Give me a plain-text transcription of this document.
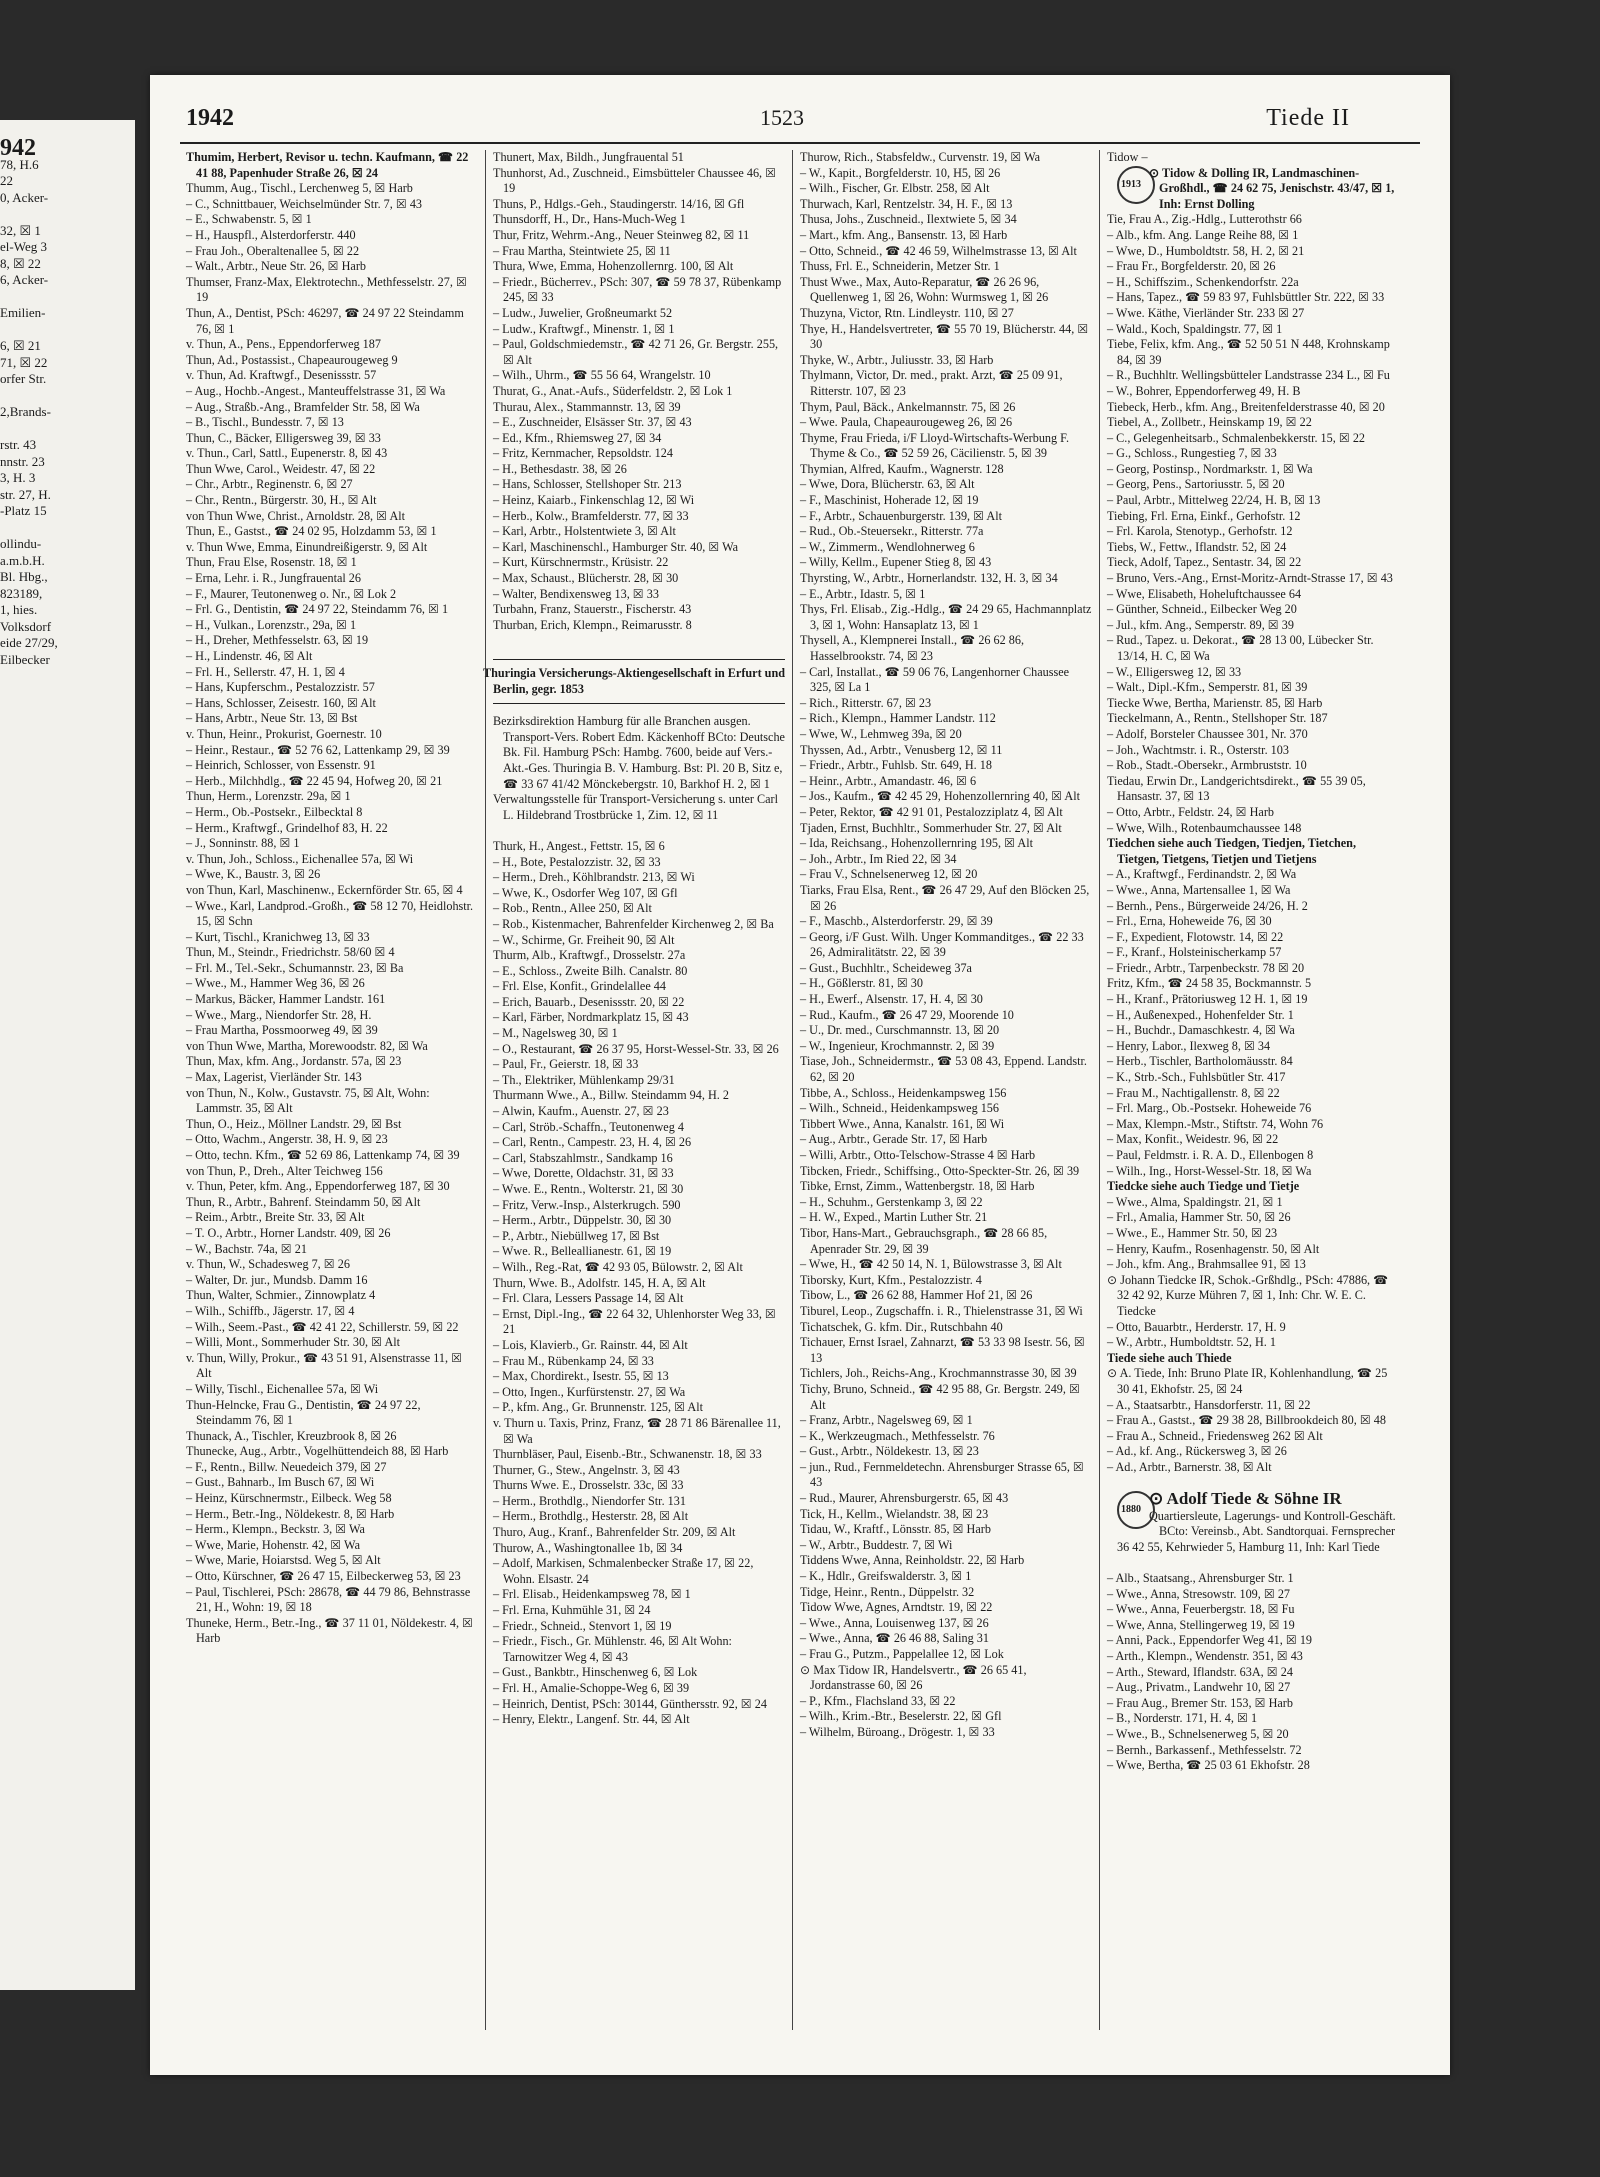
942
78, H.6
22
0, Acker-

32, ☒ 1
el-Weg 3
8, ☒ 22
6, Acker-

Emilien-

6, ☒ 21
71, ☒ 22
orfer Str.

2,Brands-

rstr. 43
nnstr. 23
3, H. 3
str. 27, H.
-Platz 15

ollindu-
a.m.b.H.
Bl. Hbg.,
823189,
1, hies.
Volksdorf
eide 27/29,
Eilbecker
1942	1523	Tiede II
Thumim, Herbert, Revisor u. techn. Kaufmann, ☎ 22 41 88, Papenhuder Straße 26, ☒ 24
Thumm, Aug., Tischl., Lerchenweg 5, ☒ Harb
– C., Schnittbauer, Weichselmünder Str. 7, ☒ 43
– E., Schwabenstr. 5, ☒ 1
– H., Hauspfl., Alsterdorferstr. 440
– Frau Joh., Oberaltenallee 5, ☒ 22
– Walt., Arbtr., Neue Str. 26, ☒ Harb
Thumser, Franz-Max, Elektrotechn., Methfesselstr. 27, ☒ 19
Thun, A., Dentist, PSch: 46297, ☎ 24 97 22 Steindamm 76, ☒ 1
v. Thun, A., Pens., Eppendorferweg 187
Thun, Ad., Postassist., Chapeaurougeweg 9
v. Thun, Ad. Kraftwgf., Desenissstr. 57
– Aug., Hochb.-Angest., Manteuffelstrasse 31, ☒ Wa
– Aug., Straßb.-Ang., Bramfelder Str. 58, ☒ Wa
– B., Tischl., Bundesstr. 7, ☒ 13
Thun, C., Bäcker, Elligersweg 39, ☒ 33
v. Thun., Carl, Sattl., Eupenerstr. 8, ☒ 43
Thun Wwe, Carol., Weidestr. 47, ☒ 22
– Chr., Arbtr., Reginenstr. 6, ☒ 27
– Chr., Rentn., Bürgerstr. 30, H., ☒ Alt
von Thun Wwe, Christ., Arnoldstr. 28, ☒ Alt
Thun, E., Gastst., ☎ 24 02 95, Holzdamm 53, ☒ 1
v. Thun Wwe, Emma, Einundreißigerstr. 9, ☒ Alt
Thun, Frau Else, Rosenstr. 18, ☒ 1
– Erna, Lehr. i. R., Jungfrauental 26
– F., Maurer, Teutonenweg o. Nr., ☒ Lok 2
– Frl. G., Dentistin, ☎ 24 97 22, Steindamm 76, ☒ 1
– H., Vulkan., Lorenzstr., 29a, ☒ 1
– H., Dreher, Methfesselstr. 63, ☒ 19
– H., Lindenstr. 46, ☒ Alt
– Frl. H., Sellerstr. 47, H. 1, ☒ 4
– Hans, Kupferschm., Pestalozzistr. 57
– Hans, Schlosser, Zeisestr. 160, ☒ Alt
– Hans, Arbtr., Neue Str. 13, ☒ Bst
v. Thun, Heinr., Prokurist, Goernestr. 10
– Heinr., Restaur., ☎ 52 76 62, Lattenkamp 29, ☒ 39
– Heinrich, Schlosser, von Essenstr. 91
– Herb., Milchhdlg., ☎ 22 45 94, Hofweg 20, ☒ 21
Thun, Herm., Lorenzstr. 29a, ☒ 1
– Herm., Ob.-Postsekr., Eilbecktal 8
– Herm., Kraftwgf., Grindelhof 83, H. 22
– J., Sonninstr. 88, ☒ 1
v. Thun, Joh., Schloss., Eichenallee 57a, ☒ Wi
– Wwe, K., Baustr. 3, ☒ 26
von Thun, Karl, Maschinenw., Eckernförder Str. 65, ☒ 4
– Wwe., Karl, Landprod.-Großh., ☎ 58 12 70, Heidlohstr. 15, ☒ Schn
– Kurt, Tischl., Kranichweg 13, ☒ 33
Thun, M., Steindr., Friedrichstr. 58/60 ☒ 4
– Frl. M., Tel.-Sekr., Schumannstr. 23, ☒ Ba
– Wwe., M., Hammer Weg 36, ☒ 26
– Markus, Bäcker, Hammer Landstr. 161
– Wwe., Marg., Niendorfer Str. 28, H.
– Frau Martha, Possmoorweg 49, ☒ 39
von Thun Wwe, Martha, Morewoodstr. 82, ☒ Wa
Thun, Max, kfm. Ang., Jordanstr. 57a, ☒ 23
– Max, Lagerist, Vierländer Str. 143
von Thun, N., Kolw., Gustavstr. 75, ☒ Alt, Wohn: Lammstr. 35, ☒ Alt
Thun, O., Heiz., Möllner Landstr. 29, ☒ Bst
– Otto, Wachm., Angerstr. 38, H. 9, ☒ 23
– Otto, techn. Kfm., ☎ 52 69 86, Lattenkamp 74, ☒ 39
von Thun, P., Dreh., Alter Teichweg 156
v. Thun, Peter, kfm. Ang., Eppendorferweg 187, ☒ 30
Thun, R., Arbtr., Bahrenf. Steindamm 50, ☒ Alt
– Reim., Arbtr., Breite Str. 33, ☒ Alt
– T. O., Arbtr., Horner Landstr. 409, ☒ 26
– W., Bachstr. 74a, ☒ 21
v. Thun, W., Schadesweg 7, ☒ 26
– Walter, Dr. jur., Mundsb. Damm 16
Thun, Walter, Schmier., Zinnowplatz 4
– Wilh., Schiffb., Jägerstr. 17, ☒ 4
– Wilh., Seem.-Past., ☎ 42 41 22, Schillerstr. 59, ☒ 22
– Willi, Mont., Sommerhuder Str. 30, ☒ Alt
v. Thun, Willy, Prokur., ☎ 43 51 91, Alsenstrasse 11, ☒ Alt
– Willy, Tischl., Eichenallee 57a, ☒ Wi
Thun-Helncke, Frau G., Dentistin, ☎ 24 97 22, Steindamm 76, ☒ 1
Thunack, A., Tischler, Kreuzbrook 8, ☒ 26
Thunecke, Aug., Arbtr., Vogelhüttendeich 88, ☒ Harb
– F., Rentn., Billw. Neuedeich 379, ☒ 27
– Gust., Bahnarb., Im Busch 67, ☒ Wi
– Heinz, Kürschnermstr., Eilbeck. Weg 58
– Herm., Betr.-Ing., Nöldekestr. 8, ☒ Harb
– Herm., Klempn., Beckstr. 3, ☒ Wa
– Wwe, Marie, Hohenstr. 42, ☒ Wa
– Wwe, Marie, Hoiarstsd. Weg 5, ☒ Alt
– Otto, Kürschner, ☎ 26 47 15, Eilbeckerweg 53, ☒ 23
– Paul, Tischlerei, PSch: 28678, ☎ 44 79 86, Behnstrasse 21, H., Wohn: 19, ☒ 18
Thuneke, Herm., Betr.-Ing., ☎ 37 11 01, Nöldekestr. 4, ☒ Harb
Thunert, Max, Bildh., Jungfrauental 51
Thunhorst, Ad., Zuschneid., Eimsbütteler Chaussee 46, ☒ 19
Thuns, P., Hdlgs.-Geh., Staudingerstr. 14/16, ☒ Gfl
Thunsdorff, H., Dr., Hans-Much-Weg 1
Thur, Fritz, Wehrm.-Ang., Neuer Steinweg 82, ☒ 11
– Frau Martha, Steintwiete 25, ☒ 11
Thura, Wwe, Emma, Hohenzollernrg. 100, ☒ Alt
– Friedr., Bücherrev., PSch: 307, ☎ 59 78 37, Rübenkamp 245, ☒ 33
– Ludw., Juwelier, Großneumarkt 52
– Ludw., Kraftwgf., Minenstr. 1, ☒ 1
– Paul, Goldschmiedemstr., ☎ 42 71 26, Gr. Bergstr. 255, ☒ Alt
– Wilh., Uhrm., ☎ 55 56 64, Wrangelstr. 10
Thurat, G., Anat.-Aufs., Süderfeldstr. 2, ☒ Lok 1
Thurau, Alex., Stammannstr. 13, ☒ 39
– E., Zuschneider, Elsässer Str. 37, ☒ 43
– Ed., Kfm., Rhiemsweg 27, ☒ 34
– Fritz, Kernmacher, Repsoldstr. 124
– H., Bethesdastr. 38, ☒ 26
– Hans, Schlosser, Stellshoper Str. 213
– Heinz, Kaiarb., Finkenschlag 12, ☒ Wi
– Herb., Kolw., Bramfelderstr. 77, ☒ 33
– Karl, Arbtr., Holstentwiete 3, ☒ Alt
– Karl, Maschinenschl., Hamburger Str. 40, ☒ Wa
– Kurt, Kürschnermstr., Krüsistr. 22
– Max, Schaust., Blücherstr. 28, ☒ 30
– Walter, Bendixensweg 13, ☒ 33
Turbahn, Franz, Stauerstr., Fischerstr. 43
Thurban, Erich, Klempn., Reimarusstr. 8

Thuringia Versicherungs-Aktiengesellschaft in Erfurt und Berlin, gegr. 1853
Bezirksdirektion Hamburg für alle Branchen ausgen. Transport-Vers. Robert Edm. Käckenhoff BCto: Deutsche Bk. Fil. Hamburg PSch: Hambg. 7600, beide auf Vers.-Akt.-Ges. Thuringia B. V. Hamburg. Bst: Pl. 20 B, Sitz e, ☎ 33 67 41/42 Mönckebergstr. 10, Barkhof H. 2, ☒ 1
Verwaltungsstelle für Transport-Versicherung s. unter Carl L. Hildebrand Trostbrücke 1, Zim. 12, ☒ 11

Thurk, H., Angest., Fettstr. 15, ☒ 6
– H., Bote, Pestalozzistr. 32, ☒ 33
– Herm., Dreh., Köhlbrandstr. 213, ☒ Wi
– Wwe, K., Osdorfer Weg 107, ☒ Gfl
– Rob., Rentn., Allee 250, ☒ Alt
– Rob., Kistenmacher, Bahrenfelder Kirchenweg 2, ☒ Ba
– W., Schirme, Gr. Freiheit 90, ☒ Alt
Thurm, Alb., Kraftwgf., Drosselstr. 27a
– E., Schloss., Zweite Bilh. Canalstr. 80
– Frl. Else, Konfit., Grindelallee 44
– Erich, Bauarb., Desenissstr. 20, ☒ 22
– Karl, Färber, Nordmarkplatz 15, ☒ 43
– M., Nagelsweg 30, ☒ 1
– O., Restaurant, ☎ 26 37 95, Horst-Wessel-Str. 33, ☒ 26
– Paul, Fr., Geierstr. 18, ☒ 33
– Th., Elektriker, Mühlenkamp 29/31
Thurmann Wwe., A., Billw. Steindamm 94, H. 2
– Alwin, Kaufm., Auenstr. 27, ☒ 23
– Carl, Ströb.-Schaffn., Teutonenweg 4
– Carl, Rentn., Campestr. 23, H. 4, ☒ 26
– Carl, Stabszahlmstr., Sandkamp 16
– Wwe, Dorette, Oldachstr. 31, ☒ 33
– Wwe. E., Rentn., Wolterstr. 21, ☒ 30
– Fritz, Verw.-Insp., Alsterkrugch. 590
– Herm., Arbtr., Düppelstr. 30, ☒ 30
– P., Arbtr., Niebüllweg 17, ☒ Bst
– Wwe. R., Belleallianestr. 61, ☒ 19
– Wilh., Reg.-Rat, ☎ 42 93 05, Bülowstr. 2, ☒ Alt
Thurn, Wwe. B., Adolfstr. 145, H. A, ☒ Alt
– Frl. Clara, Lessers Passage 14, ☒ Alt
– Ernst, Dipl.-Ing., ☎ 22 64 32, Uhlenhorster Weg 33, ☒ 21
– Lois, Klavierb., Gr. Rainstr. 44, ☒ Alt
– Frau M., Rübenkamp 24, ☒ 33
– Max, Chordirekt., Isestr. 55, ☒ 13
– Otto, Ingen., Kurfürstenstr. 27, ☒ Wa
– P., kfm. Ang., Gr. Brunnenstr. 125, ☒ Alt
v. Thurn u. Taxis, Prinz, Franz, ☎ 28 71 86 Bärenallee 11, ☒ Wa
Thurnbläser, Paul, Eisenb.-Btr., Schwanenstr. 18, ☒ 33
Thurner, G., Stew., Angelnstr. 3, ☒ 43
Thurns Wwe. E., Drosselstr. 33c, ☒ 33
– Herm., Brothdlg., Niendorfer Str. 131
– Herm., Brothdlg., Hesterstr. 28, ☒ Alt
Thuro, Aug., Kranf., Bahrenfelder Str. 209, ☒ Alt
Thurow, A., Washingtonallee 1b, ☒ 34
– Adolf, Markisen, Schmalenbecker Straße 17, ☒ 22, Wohn. Elsastr. 24
– Frl. Elisab., Heidenkampsweg 78, ☒ 1
– Frl. Erna, Kuhmühle 31, ☒ 24
– Friedr., Schneid., Stenvort 1, ☒ 19
– Friedr., Fisch., Gr. Mühlenstr. 46, ☒ Alt Wohn: Tarnowitzer Weg 4, ☒ 43
– Gust., Bankbtr., Hinschenweg 6, ☒ Lok
– Frl. H., Amalie-Schoppe-Weg 6, ☒ 39
– Heinrich, Dentist, PSch: 30144, Günthersstr. 92, ☒ 24
– Henry, Elektr., Langenf. Str. 44, ☒ Alt
Thurow, Rich., Stabsfeldw., Curvenstr. 19, ☒ Wa
– W., Kapit., Borgfelderstr. 10, H5, ☒ 26
– Wilh., Fischer, Gr. Elbstr. 258, ☒ Alt
Thurwach, Karl, Rentzelstr. 34, H. F., ☒ 13
Thusa, Johs., Zuschneid., Ilextwiete 5, ☒ 34
– Mart., kfm. Ang., Bansenstr. 13, ☒ Harb
– Otto, Schneid., ☎ 42 46 59, Wilhelmstrasse 13, ☒ Alt
Thuss, Frl. E., Schneiderin, Metzer Str. 1
Thust Wwe., Max, Auto-Reparatur, ☎ 26 26 96, Quellenweg 1, ☒ 26, Wohn: Wurmsweg 1, ☒ 26
Thuzyna, Victor, Rtn. Lindleystr. 110, ☒ 27
Thye, H., Handelsvertreter, ☎ 55 70 19, Blücherstr. 44, ☒ 30
Thyke, W., Arbtr., Juliusstr. 33, ☒ Harb
Thylmann, Victor, Dr. med., prakt. Arzt, ☎ 25 09 91, Ritterstr. 107, ☒ 23
Thym, Paul, Bäck., Ankelmannstr. 75, ☒ 26
– Wwe. Paula, Chapeaurougeweg 26, ☒ 26
Thyme, Frau Frieda, i/F Lloyd-Wirtschafts-Werbung F. Thyme & Co., ☎ 52 59 26, Cäcilienstr. 5, ☒ 39
Thymian, Alfred, Kaufm., Wagnerstr. 128
– Wwe, Dora, Blücherstr. 63, ☒ Alt
– F., Maschinist, Hoherade 12, ☒ 19
– F., Arbtr., Schauenburgerstr. 139, ☒ Alt
– Rud., Ob.-Steuersekr., Ritterstr. 77a
– W., Zimmerm., Wendlohnerweg 6
– Willy, Kellm., Eupener Stieg 8, ☒ 43
Thyrsting, W., Arbtr., Hornerlandstr. 132, H. 3, ☒ 34
– E., Arbtr., Idastr. 5, ☒ 1
Thys, Frl. Elisab., Zig.-Hdlg., ☎ 24 29 65, Hachmannplatz 3, ☒ 1, Wohn: Hansaplatz 13, ☒ 1
Thysell, A., Klempnerei Install., ☎ 26 62 86, Hasselbrookstr. 74, ☒ 23
– Carl, Installat., ☎ 59 06 76, Langenhorner Chaussee 325, ☒ La 1
– Rich., Ritterstr. 67, ☒ 23
– Rich., Klempn., Hammer Landstr. 112
– Wwe, W., Lehmweg 39a, ☒ 20
Thyssen, Ad., Arbtr., Venusberg 12, ☒ 11
– Friedr., Arbtr., Fuhlsb. Str. 649, H. 18
– Heinr., Arbtr., Amandastr. 46, ☒ 6
– Jos., Kaufm., ☎ 42 45 29, Hohenzollernring 40, ☒ Alt
– Peter, Rektor, ☎ 42 91 01, Pestalozziplatz 4, ☒ Alt
Tjaden, Ernst, Buchhltr., Sommerhuder Str. 27, ☒ Alt
– Ida, Reichsang., Hohenzollernring 195, ☒ Alt
– Joh., Arbtr., Im Ried 22, ☒ 34
– Frau V., Schnelsenerweg 12, ☒ 20
Tiarks, Frau Elsa, Rent., ☎ 26 47 29, Auf den Blöcken 25, ☒ 26
– F., Maschb., Alsterdorferstr. 29, ☒ 39
– Georg, i/F Gust. Wilh. Unger Kommanditges., ☎ 22 33 26, Admiralitätstr. 22, ☒ 39
– Gust., Buchhltr., Scheideweg 37a
– H., Gößlerstr. 81, ☒ 30
– H., Ewerf., Alsenstr. 17, H. 4, ☒ 30
– Rud., Kaufm., ☎ 26 47 29, Moorende 10
– U., Dr. med., Curschmannstr. 13, ☒ 20
– W., Ingenieur, Krochmannstr. 2, ☒ 39
Tiase, Joh., Schneidermstr., ☎ 53 08 43, Eppend. Landstr. 62, ☒ 20
Tibbe, A., Schloss., Heidenkampsweg 156
– Wilh., Schneid., Heidenkampsweg 156
Tibbert Wwe., Anna, Kanalstr. 161, ☒ Wi
– Aug., Arbtr., Gerade Str. 17, ☒ Harb
– Willi, Arbtr., Otto-Telschow-Strasse 4 ☒ Harb
Tibcken, Friedr., Schiffsing., Otto-Speckter-Str. 26, ☒ 39
Tibke, Ernst, Zimm., Wattenbergstr. 18, ☒ Harb
– H., Schuhm., Gerstenkamp 3, ☒ 22
– H. W., Exped., Martin Luther Str. 21
Tibor, Hans-Mart., Gebrauchsgraph., ☎ 28 66 85, Apenrader Str. 29, ☒ 39
– Wwe, H., ☎ 42 50 14, N. 1, Bülowstrasse 3, ☒ Alt
Tiborsky, Kurt, Kfm., Pestalozzistr. 4
Tibow, L., ☎ 26 62 88, Hammer Hof 21, ☒ 26
Tiburel, Leop., Zugschaffn. i. R., Thielenstrasse 31, ☒ Wi
Tichatschek, G. kfm. Dir., Rutschbahn 40
Tichauer, Ernst Israel, Zahnarzt, ☎ 53 33 98 Isestr. 56, ☒ 13
Tichlers, Joh., Reichs-Ang., Krochmannstrasse 30, ☒ 39
Tichy, Bruno, Schneid., ☎ 42 95 88, Gr. Bergstr. 249, ☒ Alt
– Franz, Arbtr., Nagelsweg 69, ☒ 1
– K., Werkzeugmach., Methfesselstr. 76
– Gust., Arbtr., Nöldekestr. 13, ☒ 23
– jun., Rud., Fernmeldetechn. Ahrensburger Strasse 65, ☒ 43
– Rud., Maurer, Ahrensburgerstr. 65, ☒ 43
Tick, H., Kellm., Wielandstr. 38, ☒ 23
Tidau, W., Kraftf., Lönsstr. 85, ☒ Harb
– W., Arbtr., Buddestr. 7, ☒ Wi
Tiddens Wwe, Anna, Reinholdstr. 22, ☒ Harb
– K., Hdlr., Greifswalderstr. 3, ☒ 1
Tidge, Heinr., Rentn., Düppelstr. 32
Tidow Wwe, Agnes, Arndtstr. 19, ☒ 22
– Wwe., Anna, Louisenweg 137, ☒ 26
– Wwe., Anna, ☎ 26 46 88, Saling 31
– Frau G., Putzm., Pappelallee 12, ☒ Lok
⊙ Max Tidow IR, Handelsvertr., ☎ 26 65 41, Jordanstrasse 60, ☒ 26
– P., Kfm., Flachsland 33, ☒ 22
– Wilh., Krim.-Btr., Beselerstr. 22, ☒ Gfl
– Wilhelm, Büroang., Drögestr. 1, ☒ 33
Tidow –
1913
⊙ Tidow & Dolling IR, Landmaschinen-Großhdl., ☎ 24 62 75, Jenischstr. 43/47, ☒ 1, Inh: Ernst Dolling
Tie, Frau A., Zig.-Hdlg., Lutterothstr 66
– Alb., kfm. Ang. Lange Reihe 88, ☒ 1
– Wwe, D., Humboldtstr. 58, H. 2, ☒ 21
– Frau Fr., Borgfelderstr. 20, ☒ 26
– H., Schiffszim., Schenkendorfstr. 22a
– Hans, Tapez., ☎ 59 83 97, Fuhlsbüttler Str. 222, ☒ 33
– Wwe. Käthe, Vierländer Str. 233 ☒ 27
– Wald., Koch, Spaldingstr. 77, ☒ 1
Tiebe, Felix, kfm. Ang., ☎ 52 50 51 N 448, Krohnskamp 84, ☒ 39
– R., Buchhltr. Wellingsbütteler Landstrasse 234 L., ☒ Fu
– W., Bohrer, Eppendorferweg 49, H. B
Tiebeck, Herb., kfm. Ang., Breitenfelderstrasse 40, ☒ 20
Tiebel, A., Zollbetr., Heinskamp 19, ☒ 22
– C., Gelegenheitsarb., Schmalenbekkerstr. 15, ☒ 22
– G., Schloss., Rungestieg 7, ☒ 33
– Georg, Postinsp., Nordmarkstr. 1, ☒ Wa
– Georg, Pens., Sartoriusstr. 5, ☒ 20
– Paul, Arbtr., Mittelweg 22/24, H. B, ☒ 13
Tiebing, Frl. Erna, Einkf., Gerhofstr. 12
– Frl. Karola, Stenotyp., Gerhofstr. 12
Tiebs, W., Fettw., Iflandstr. 52, ☒ 24
Tieck, Adolf, Tapez., Sentastr. 34, ☒ 22
– Bruno, Vers.-Ang., Ernst-Moritz-Arndt-Strasse 17, ☒ 43
– Wwe, Elisabeth, Hoheluftchaussee 64
– Günther, Schneid., Eilbecker Weg 20
– Jul., kfm. Ang., Semperstr. 89, ☒ 39
– Rud., Tapez. u. Dekorat., ☎ 28 13 00, Lübecker Str. 13/14, H. C, ☒ Wa
– W., Elligersweg 12, ☒ 33
– Walt., Dipl.-Kfm., Semperstr. 81, ☒ 39
Tiecke Wwe, Bertha, Marienstr. 85, ☒ Harb
Tieckelmann, A., Rentn., Stellshoper Str. 187
– Adolf, Borsteler Chaussee 301, Nr. 370
– Joh., Wachtmstr. i. R., Osterstr. 103
– Rob., Stadt.-Obersekr., Armbruststr. 10
Tiedau, Erwin Dr., Landgerichtsdirekt., ☎ 55 39 05, Hansastr. 37, ☒ 13
– Otto, Arbtr., Feldstr. 24, ☒ Harb
– Wwe, Wilh., Rotenbaumchaussee 148
Tiedchen siehe auch Tiedgen, Tiedjen, Tietchen, Tietgen, Tietgens, Tietjen und Tietjens
– A., Kraftwgf., Ferdinandstr. 2, ☒ Wa
– Wwe., Anna, Martensallee 1, ☒ Wa
– Bernh., Pens., Bürgerweide 24/26, H. 2
– Frl., Erna, Hoheweide 76, ☒ 30
– F., Expedient, Flotowstr. 14, ☒ 22
– F., Kranf., Holsteinischerkamp 57
– Friedr., Arbtr., Tarpenbeckstr. 78 ☒ 20
Fritz, Kfm., ☎ 24 58 35, Bockmannstr. 5
– H., Kranf., Prätoriusweg 12 H. 1, ☒ 19
– H., Außenexped., Hohenfelder Str. 1
– H., Buchdr., Damaschkestr. 4, ☒ Wa
– Henry, Labor., Ilexweg 8, ☒ 34
– Herb., Tischler, Bartholomäusstr. 84
– K., Strb.-Sch., Fuhlsbütler Str. 417
– Frau M., Nachtigallenstr. 8, ☒ 22
– Frl. Marg., Ob.-Postsekr. Hoheweide 76
– Max, Klempn.-Mstr., Stiftstr. 74, Wohn 76
– Max, Konfit., Weidestr. 96, ☒ 22
– Paul, Feldmstr. i. R. A. D., Ellenbogen 8
– Wilh., Ing., Horst-Wessel-Str. 18, ☒ Wa
Tiedcke siehe auch Tiedge und Tietje
– Wwe., Alma, Spaldingstr. 21, ☒ 1
– Frl., Amalia, Hammer Str. 50, ☒ 26
– Wwe., E., Hammer Str. 50, ☒ 23
– Henry, Kaufm., Rosenhagenstr. 50, ☒ Alt
– Joh., kfm. Ang., Brahmsallee 91, ☒ 13
⊙ Johann Tiedcke IR, Schok.-Grßhdlg., PSch: 47886, ☎ 32 42 92, Kurze Mühren 7, ☒ 1, Inh: Chr. W. E. C. Tiedcke
– Otto, Bauarbtr., Herderstr. 17, H. 9
– W., Arbtr., Humboldtstr. 52, H. 1
Tiede siehe auch Thiede
⊙ A. Tiede, Inh: Bruno Plate IR, Kohlenhandlung, ☎ 25 30 41, Ekhofstr. 25, ☒ 24
– A., Staatsarbtr., Hansdorferstr. 11, ☒ 22
– Frau A., Gastst., ☎ 29 38 28, Billbrookdeich 80, ☒ 48
– Frau A., Schneid., Friedensweg 262 ☒ Alt
– Ad., kf. Ang., Rückersweg 3, ☒ 26
– Ad., Arbtr., Barnerstr. 38, ☒ Alt

1880
⊙ Adolf Tiede & Söhne IR
Quartiersleute, Lagerungs- und Kontroll-Geschäft. BCto: Vereinsb., Abt. Sandtorquai. Fernsprecher 36 42 55, Kehrwieder 5, Hamburg 11, Inh: Karl Tiede

– Alb., Staatsang., Ahrensburger Str. 1
– Wwe., Anna, Stresowstr. 109, ☒ 27
– Wwe., Anna, Feuerbergstr. 18, ☒ Fu
– Wwe, Anna, Stellingerweg 19, ☒ 19
– Anni, Pack., Eppendorfer Weg 41, ☒ 19
– Arth., Klempn., Wendenstr. 351, ☒ 43
– Arth., Steward, Iflandstr. 63A, ☒ 24
– Aug., Privatm., Landwehr 10, ☒ 27
– Frau Aug., Bremer Str. 153, ☒ Harb
– B., Norderstr. 171, H. 4, ☒ 1
– Wwe., B., Schnelsenerweg 5, ☒ 20
– Bernh., Barkassenf., Methfesselstr. 72
– Wwe, Bertha, ☎ 25 03 61 Ekhofstr. 28
